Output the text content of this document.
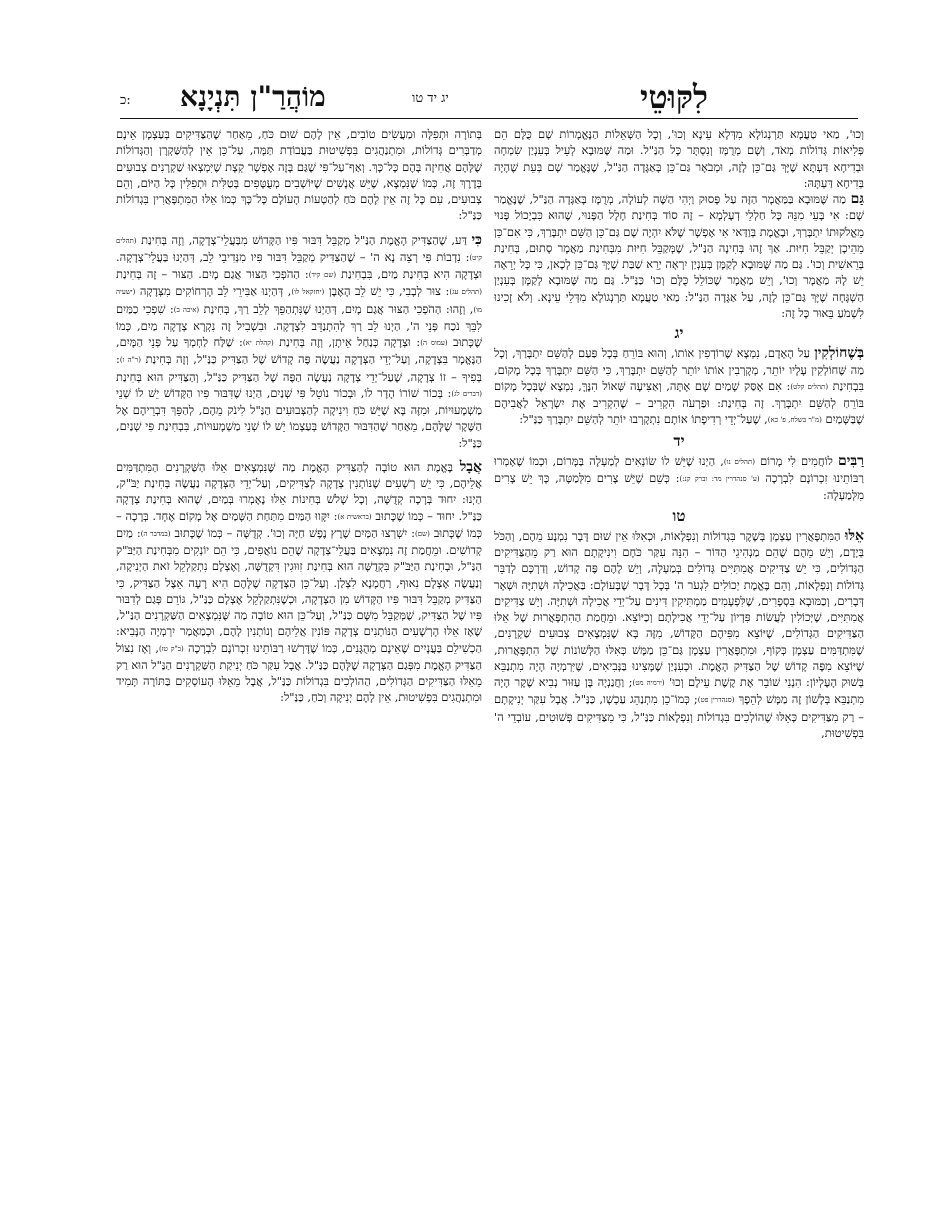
כ: מוֹהֲרַ"ן תִּנְיָנָא	יג יד טו	לִקּוּטֵי

וְכוּ', מַאי טַעֲמָא תַּרְנְגוֹלָא מִדְּלָא עֵינָא וְכוּ', וְכָל הַשְּׁאֵלוֹת הַנֶּאֱמָרוֹת שָׁם כֻּלָּם הֵם פְּלִיאוֹת גְּדוֹלוֹת מְאֹד, וְשָׁם מְרֻמָּז וְנִסְתָּר כָּל הַנַּ"ל. וּמַה שֶּׁמּוּבָא לְעֵיל בְּעִנְיַן שִׂמְחָה וּבְדִיחָא דַּעְתָּא שֶׁיָּךְ גַּם־כֵּן לָזֶה, וּמְבֹאָר גַּם־כֵּן בָּאַגָּדָה הַנַּ"ל, שֶׁנֶּאֱמַר שָׁם בְּעֵת שֶׁהָיָה בְּדִיחָא דַּעְתָּהּ:

גַּם מַה שֶּׁמּוּבָא בַּמַּאֲמָר הַזֶּה עַל פָּסוּק וַיְהִי הַשֶּׁה לְעוֹלָה, מְרֻמָּז בָּאַגָּדָה הַנַּ"ל, שֶׁנֶּאֱמַר שָׁם: אִי בָּעֵי מִנֵּהּ כָּל חַלְלֵי דְעָלְמָא – זֶה סוֹד בְּחִינַת חָלָל הַפָּנוּי, שֶׁהוּא כִּבְיָכוֹל פָּנוּי מֵאֱלֹקוּתוֹ יִתְבָּרַךְ, וּבֶאֱמֶת בְּוַדַּאי אִי אֶפְשָׁר שֶׁלֹּא יִהְיֶה שָׁם גַּם־כֵּן הַשֵּׁם יִתְבָּרַךְ, כִּי אִם־כֵּן מֵהֵיכָן יְקַבֵּל חִיּוּת. אַךְ זֶהוּ בְּחִינָה הַנַּ"ל, שֶׁמְּקַבֵּל חִיּוּת מִבְּחִינַת מַאֲמָר סָתוּם, בְּחִינַת בְּרֵאשִׁית וְכוּ'. גַּם מַה שֶּׁמּוּבָא לְקַמָּן בְּעִנְיַן יִרְאָה יְרֵא שַׁבַּת שֶׁיָּךְ גַּם־כֵּן לְכָאן, כִּי כָּל יְרֵאָה יֵשׁ לָהּ מַאֲמָר וְכוּ', וְיֵשׁ מַאֲמָר שֶׁכּוֹלֵל כֻּלָּם וְכוּ' כַּנַּ"ל. גַּם מַה שֶּׁמּוּבָא לְקַמָּן בְּעִנְיַן הַשְׁגָּחָה שֶׁיָּךְ גַּם־כֵּן לָזֶה, עַל אַגָּדָה הַנַּ"ל: מַאי טַעֲמָא תַּרְנְגוֹלָא מִדְּלֵי עֵינָא. וְלֹא זָכִינוּ לִשְׁמֹעַ בֵּאוּר כָּל זֶה:

יג

בְּשֶׁחוֹלְקִין עַל הָאָדָם, נִמְצָא שֶׁרוֹדְפִין אוֹתוֹ, וְהוּא בּוֹרֵחַ בְּכָל פַּעַם לְהַשֵּׁם יִתְבָּרַךְ, וְכָל מַה שֶּׁחוֹלְקִין עָלָיו יוֹתֵר, מְקָרְבִין אוֹתוֹ יוֹתֵר לְהַשֵּׁם יִתְבָּרַךְ, כִּי הַשֵּׁם יִתְבָּרַךְ בְּכָל מָקוֹם, בִּבְחִינַת (תהלים קלט): אִם אֶסַּק שָׁמַיִם שָׁם אָתָּה, וְאַצִּיעָה שְּׁאוֹל הִנֶּךָּ, נִמְצָא שֶׁבְּכָל מָקוֹם בּוֹרֵחַ לְהַשֵּׁם יִתְבָּרַךְ. זֶה בְּחִינַת: וּפַרְעֹה הִקְרִיב – שֶׁהִקְרִיב אֶת יִשְׂרָאֵל לַאֲבִיהֶם שֶׁבַּשָּׁמַיִם (מ"ר בשלח, פ' כא), שֶׁעַל־יְדֵי רְדִיפָתוֹ אוֹתָם נִתְקָרְבוּ יוֹתֵר לְהַשֵּׁם יִתְבָּרַךְ כַּנַּ"ל:

יד

רַבִּים לוֹחֲמִים לִי מָרוֹם (תהלים נו), הַיְנוּ שֶׁיֵּשׁ לוֹ שׂוֹנְאִים לְמַעְלָה בַּמָּרוֹם, וּכְמוֹ שֶׁאָמְרוּ רַבּוֹתֵינוּ זִכְרוֹנָם לִבְרָכָה (ע' סנהדרין מד: וברק קנ:): כְּשֵׁם שֶׁיֵּשׁ צָרִים מִלְּמַטָּה, כָּךְ יֵשׁ צָרִים מִלְּמַעְלָה:

טו

אֵלּוּ הַמִּתְפָּאֲרִין עַצְמָן בְּשֶׁקֶר בִּגְדוֹלוֹת וְנִפְלָאוֹת, וּכְאִלּוּ אֵין שׁוּם דָּבָר נִמְנָע מֵהֶם, וְהַכֹּל בְּיָדָם, וְיֵשׁ מֵהֶם שֶׁהֵם מַנְהִיגֵי הַדּוֹר – הִנֵּה עִקַּר כֹּחָם וִינִיקָתָם הוּא רַק מֵהַצַּדִּיקִים הַגְּדוֹלִים, כִּי יֵשׁ צַדִּיקִים אֲמִתִּיִּים גְּדוֹלִים בְּמַעְלָה, וְיֵשׁ לָהֶם פֶּה קָדוֹשׁ, וְדַרְכָּם לְדַבֵּר גְּדוֹלוֹת וְנִפְלָאוֹת, וְהֵם בֶּאֱמֶת יְכוֹלִים לִגְעֹר ה' בְּכָל דָּבָר שֶׁבָּעוֹלָם: בַּאֲכִילָה וּשְׁתִיָּה וּשְׁאָר דְּבָרִים, וְכַמּוּבָא בִּסְפָרִים, שֶׁלִּפְעָמִים מַמְתִּיקִין דִּינִים עַל־יְדֵי אֲכִילָה וּשְׁתִיָּה. וְיֵשׁ צַדִּיקִים אֲמִתִּיִּים, שֶׁיְּכוֹלִין לַעֲשׂוֹת פִּדְיוֹן עַל־יְדֵי אֲכִילָתָם וְכַיּוֹצֵא. וּמֵחֲמַת הַהִתְפָּאֲרוּת שֶׁל אֵלּוּ הַצַּדִּיקִים הַגְּדוֹלִים, שֶׁיּוֹצֵא מִפִּיהֶם הַקָּדוֹשׁ, מִזֶּה בָּא שֶׁנִּמְצָאִים צְבוּעִים שַׁקְרָנִים, שֶׁמִּתְדַּמִּים עַצְמָן כְּקוֹף, וּמִתְפָּאֲרִין עַצְמָן גַּם־כֵּן מַמָּשׁ כְּאִלּוּ הַלְּשׁוֹנוֹת שֶׁל הִתְפָּאֲרוּת, שֶׁיּוֹצֵא מִפֶּה קָדוֹשׁ שֶׁל הַצַּדִּיק הָאֱמֶת. וּכְעִנְיַן שֶׁמָּצִינוּ בַּנְּבִיאִים, שֶׁיִּרְמְיָה הָיָה מִתְנַבֵּא בְּשׁוּק הָעֶלְיוֹן: הִנְנִי שׁוֹבֵר אֶת קֶשֶׁת עֵילָם וְכוּ' (ירמיה מט); וַחֲנַנְיָה בֶּן עַזּוּר נְבִיא שֶׁקֶר הָיָה מִתְנַבֵּא בְּלָשׁוֹן זֶה מַמָּשׁ לְהֵפֶךְ (סנהדרין פט); כְּמוֹ־כֵן מִתְנַהֵג עַכְשָׁו, כַּנַּ"ל. אֲבָל עִקַּר יְנִיקָתָם – רַק מִצַּדִּיקִים כָּאֵלּוּ שֶׁהוֹלְכִים בִּגְדוֹלוֹת וְנִפְלָאוֹת כַּנַּ"ל, כִּי מִצַּדִּיקִים פְּשׁוּטִים, עוֹבְדֵי ה' בִּפְשִׁיטוּת,

בְּתוֹרָה וּתְפִלָּה וּמַעֲשִׂים טוֹבִים, אֵין לָהֶם שׁוּם כֹּחַ, מֵאַחַר שֶׁהַצַּדִּיקִים בְּעַצְמָן אֵינָם מְדַבְּרִים גְּדוֹלוֹת, וּמִתְנַהֲגִים בִּפְשִׁיטוּת בַּעֲבוֹדַת תַּמָּה, עַל־כֵּן אֵין לְהַשַּׁקְרָן וְהַגְּדוֹלוֹת שֶׁלָּהֶם אֲחִיזָה בָּהֶם כָּל־כָּךְ. וְאַף־עַל־פִּי שֶׁגַּם בָּזֶה אֶפְשָׁר קְצָת שֶׁיִּמְצְאוּ שַׁקְרָנִים צְבוּעִים בְּדֶרֶךְ זֶה, כְּמוֹ שֶׁנִּמְצָא, שֶׁיֵּשׁ אֲנָשִׁים שֶׁיּוֹשְׁבִים מְעֻטָּפִים בְּטַלִּית וּתְפִלִּין כָּל הַיּוֹם, וְהֵם צְבוּעִים, עִם כָּל זֶה אֵין לָהֶם כֹּחַ לְהַטְעוֹת הָעוֹלָם כָּל־כָּךְ כְּמוֹ אֵלּוּ הַמִּתְפָּאֲרִין בִּגְדוֹלוֹת כַּנַּ"ל:

כִּי דַּע, שֶׁהַצַּדִּיק הָאֱמֶת הַנַּ"ל מְקַבֵּל דִּבּוּר פִּיו הַקָּדוֹשׁ מִבַּעֲלֵי־צְדָקָה, וְזֶה בְּחִינַת (תהלים קיט): נִדְבוֹת פִּי רְצֵה נָא ה' – שֶׁהַצַּדִּיק מְקַבֵּל דִּבּוּר פִּיו מִנְּדִיבֵי לֵב, דְּהַיְנוּ בַּעֲלֵי־צְדָקָה. וּצְדָקָה הִיא בְּחִינַת מַיִם, בִּבְחִינַת (שם קיד): הַהֹפְכִי הַצּוּר אֲגַם מָיִם. הַצּוּר – זֶה בְּחִינַת (תהלים עג): צוּר לְבָבִי, כִּי יֵשׁ לֵב הָאֶבֶן (יחזקאל לו), דְּהַיְנוּ אַבִּירֵי לֵב הָרְחוֹקִים מִצְּדָקָה (ישעיה מו), וְזֶהוּ: הַהֹפְכִי הַצּוּר אֲגַם מָיִם, דְּהַיְנוּ שֶׁנִּתְהַפֵּךְ לְלֵב רַךְ, בְּחִינַת (איכה ב): שִׁפְכִי כַמַּיִם לִבֵּךְ נֹכַח פְּנֵי ה', הַיְנוּ לֵב רַךְ לְהִתְנַדֵּב לִצְדָקָה. וּבִשְׁבִיל זֶה נִקְרָא צְדָקָה מַיִם, כְּמוֹ שֶׁכָּתוּב (עמוס ה): וּצְדָקָה כְּנַחַל אֵיתָן, וְזֶה בְּחִינַת (קהלת יא): שַׁלַּח לַחְמְךָ עַל פְּנֵי הַמָּיִם, הַנֶּאֱמָר בִּצְדָקָה, וְעַל־יְדֵי הַצְּדָקָה נַעֲשֶׂה פֶּה קָדוֹשׁ שֶׁל הַצַּדִּיק כַּנַּ"ל, וְזֶה בְּחִינַת (ר"ה ו): בְּפִיךָ – זוֹ צְדָקָה, שֶׁעַל־יְדֵי צְדָקָה נַעֲשֶׂה הַפֶּה שֶׁל הַצַּדִּיק כַּנַּ"ל, וְהַצַּדִּיק הוּא בְּחִינַת (דברים לג): בְּכוֹר שׁוֹרוֹ הָדָר לוֹ, וּבְכוֹר נוֹטֵל פִּי שְׁנַיִם, הַיְנוּ שֶׁדִּבּוּר פִּיו הַקָּדוֹשׁ יֵשׁ לוֹ שְׁנֵי מַשְׁמָעוּיוֹת, וּמִזֶּה בָּא שֶׁיֵּשׁ כֹּחַ וִינִיקָה לְהַצְּבוּעִים הַנַּ"ל לִינֹק מֵהֶם, לְהַפֵּךְ דִּבְרֵיהֶם אֶל הַשֶּׁקֶר שֶׁלָּהֶם, מֵאַחַר שֶׁהַדִּבּוּר הַקָּדוֹשׁ בְּעַצְמוֹ יֵשׁ לוֹ שְׁנֵי מַשְׁמָעוּיוֹת, בִּבְחִינַת פִּי שְׁנַיִם, כַּנַּ"ל:

אֲבָל בֶּאֱמֶת הוּא טוֹבָה לְהַצַּדִּיק הָאֱמֶת מַה שֶּׁנִּמְצָאִים אֵלּוּ הַשַּׁקְרָנִים הַמִּתְדַּמִּים אֲלֵיהֶם, כִּי יֵשׁ רְשָׁעִים שֶׁנּוֹתְנִין צְדָקָה לְצַדִּיקִים, וְעַל־יְדֵי הַצְּדָקָה נַעֲשֶׂה בְּחִינַת יַבֹּ"ק, הַיְנוּ: יִחוּד בְּרָכָה קְדֻשָּׁה, וְכָל שָׁלֹשׁ בְּחִינוֹת אֵלּוּ נֶאֶמְרוּ בְּמַיִם, שֶׁהוּא בְּחִינַת צְדָקָה כַּנַּ"ל. יִחוּד – כְּמוֹ שֶׁכָּתוּב (בראשית א): יִקָּווּ הַמַּיִם מִתַּחַת הַשָּׁמַיִם אֶל מָקוֹם אֶחָד. בְּרָכָה – כְּמוֹ שֶׁכָּתוּב (שם): יִשְׁרְצוּ הַמַּיִם שֶׁרֶץ נֶפֶשׁ חַיָּה וְכוּ'. קְדֻשָּׁה – כְּמוֹ שֶׁכָּתוּב (במדבר ה): מַיִם קְדוֹשִׁים. וּמֵחֲמַת זֶה נִמְצָאִים בַּעֲלֵי־צְדָקָה שֶׁהֵם נוֹאֲפִים, כִּי הֵם יוֹנְקִים מִבְּחִינַת הַיַּבֹּ"ק הַנַּ"ל, וּבְחִינַת הַיַּבֹּ"ק בִּקְדֻשָּׁה הוּא בְּחִינַת זִוּוּגִין דִּקְדֻשָּׁה, וְאֶצְלָם נִתְקַלְקֵל זֹאת הַיְנִיקָה, וְנַעֲשֶׂה אֶצְלָם נִאוּף, רַחֲמָנָא לִצְלַן. וְעַל־כֵּן הַצְּדָקָה שֶׁלָּהֶם הִיא רָעָה אֵצֶל הַצַּדִּיק, כִּי הַצַּדִּיק מְקַבֵּל דִּבּוּר פִּיו הַקָּדוֹשׁ מִן הַצְּדָקָה, וּכְשֶׁנִּתְקַלְקֵל אֶצְלָם כַּנַּ"ל, גּוֹרֵם פְּגַם לְדִבּוּר פִּיו שֶׁל הַצַּדִּיק, שֶׁמְּקַבֵּל מִשָּׁם כַּנַּ"ל, וְעַל־כֵּן הוּא טוֹבָה מַה שֶּׁנִּמְצָאִים הַשַּׁקְרָנִים הַנַּ"ל, שֶׁאָז אֵלּוּ הָרְשָׁעִים הַנּוֹתְנִים צְדָקָה פּוֹנִין אֲלֵיהֶם וְנוֹתְנִין לָהֶם, וּכְמַאֲמַר יִרְמְיָה הַנָּבִיא: הַכְשִׁילֵם בַּעֲנָיִים שֶׁאֵינָם מְהֻגָּנִים, כְּמוֹ שֶׁדָּרְשׁוּ רַבּוֹתֵינוּ זִכְרוֹנָם לִבְרָכָה (ב"ק טז), וְאָז נִצּוֹל הַצַּדִּיק הָאֱמֶת מִפְּגַם הַצְּדָקָה שֶׁלָּהֶם כַּנַּ"ל. אֲבָל עִקַּר כֹּחַ יְנִיקַת הַשַּׁקְרָנִים הַנַּ"ל הוּא רַק מֵאֵלּוּ הַצַּדִּיקִים הַגְּדוֹלִים, הַהוֹלְכִים בִּגְדוֹלוֹת כַּנַּ"ל, אֲבָל מֵאֵלּוּ הָעוֹסְקִים בַּתּוֹרָה תָּמִיד וּמִתְנַהֲגִים בִּפְשִׁיטוּת, אֵין לָהֶם יְנִיקָה וְכֹחַ, כַּנַּ"ל:
